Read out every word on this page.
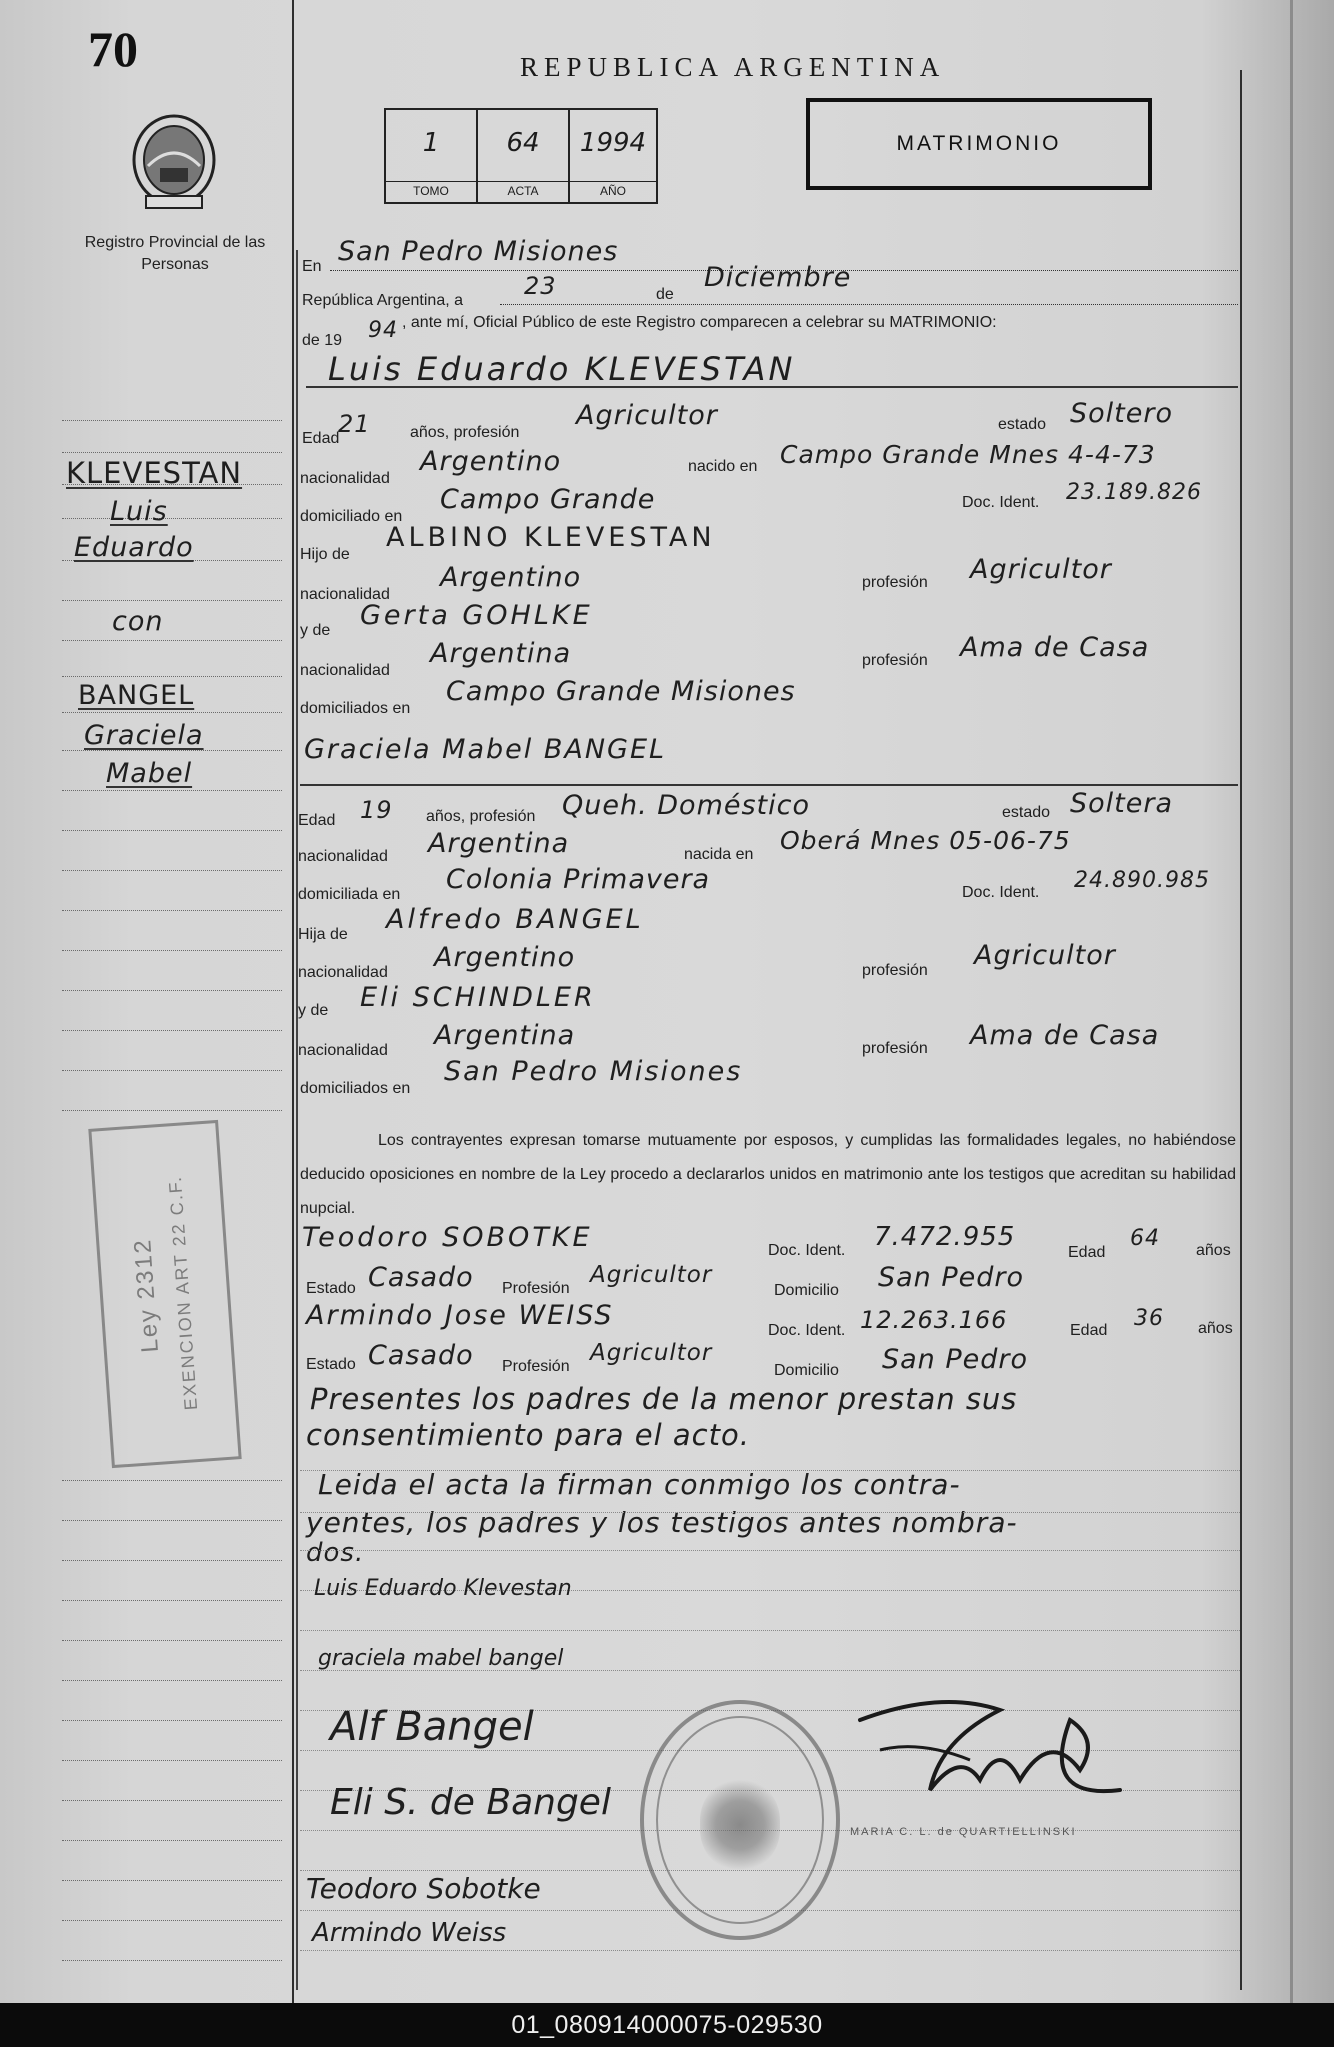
70
Registro Provincial de las Personas
REPUBLICA ARGENTINA
1
TOMO
64
ACTA
1994
AÑO
MATRIMONIO
KLEVESTAN
Luis
Eduardo
con
BANGEL
Graciela
Mabel
Ley 2312 EXENCION ART 22 C.F.
En San Pedro Misiones
República Argentina, a
23	de
Diciembre
de 19 94 , ante mí, Oficial Público de este Registro comparecen a celebrar su MATRIMONIO:
Luis Eduardo KLEVESTAN
Edad
21 años, profesión
Agricultor	estado Soltero
nacionalidad
Argentino	nacido en Campo Grande Mnes 4-4-73
domiciliado en
Campo Grande	Doc. Ident. 23.189.826
Hijo de
ALBINO KLEVESTAN
nacionalidad
Argentino	profesión Agricultor
y de Gerta GOHLKE
nacionalidad
Argentina	profesión Ama de Casa
domiciliados en
Campo Grande Misiones
Graciela Mabel BANGEL
Edad 19 años, profesión Queh. Doméstico	estado Soltera
nacionalidad Argentina	nacida en Oberá Mnes 05-06-75
domiciliada en Colonia Primavera	Doc. Ident. 24.890.985
Hija de Alfredo BANGEL
nacionalidad Argentino	profesión Agricultor
y de Eli SCHINDLER
nacionalidad Argentina	profesión Ama de Casa
domiciliados en
San Pedro Misiones
Los contrayentes expresan tomarse mutuamente por esposos, y cumplidas las formalidades legales, no habiéndose deducido oposiciones en nombre de la Ley procedo a declararlos unidos en matrimonio ante los testigos que acreditan su habilidad nupcial.
Teodoro SOBOTKE	Doc. Ident. 7.472.955
Edad
64 años
Estado Casado Profesión
Agricultor
Domicilio San Pedro
Armindo Jose WEISS	Doc. Ident. 12.263.166	Edad 36 años
Estado Casado Profesión
Agricultor
Domicilio San Pedro
Presentes los padres de la menor prestan sus
consentimiento para el acto.
Leida el acta la firman conmigo los contra-
yentes, los padres y los testigos antes nombra-
dos.
Luis Eduardo Klevestan
graciela mabel bangel
Alf Bangel
Eli S. de Bangel
Teodoro Sobotke
Armindo Weiss
MARIA C. L. de QUARTIELLINSKI
01_080914000075-029530
